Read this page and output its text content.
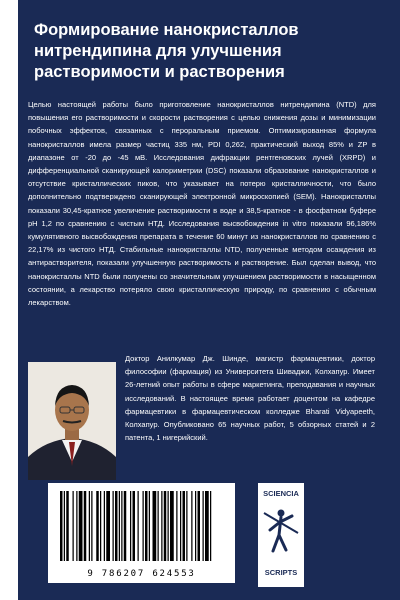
Формирование нанокристаллов нитрендипина для улучшения растворимости и растворения

Целью настоящей работы было приготовление нанокристаллов нитрендипина (NTD) для повышения его растворимости и скорости растворения с целью снижения дозы и минимизации побочных эффектов, связанных с пероральным приемом. Оптимизированная формула нанокристаллов имела размер частиц 335 нм, PDI 0,262, практический выход 85% и ZP в диапазоне от -20 до -45 мВ. Исследования дифракции рентгеновских лучей (XRPD) и дифференциальной сканирующей калориметрии (DSC) показали образование нанокристаллов и отсутствие кристаллических пиков, что указывает на потерю кристалличности, что было дополнительно подтверждено сканирующей электронной микроскопией (SEM). Нанокристаллы показали 30,45-кратное увеличение растворимости в воде и 38,5-кратное - в фосфатном буфере pH 1,2 по сравнению с чистым НТД. Исследования высвобождения in vitro показали 96,186% кумулятивного высвобождения препарата в течение 60 минут из нанокристаллов по сравнению с 22,17% из чистого НТД. Стабильные нанокристаллы NTD, полученные методом осаждения из антирастворителя, показали улучшенную растворимость и растворение. Был сделан вывод, что нанокристаллы NTD были получены со значительным улучшением растворимости в насыщенном состоянии, а лекарство потеряло свою кристаллическую природу, по сравнению с обычным лекарством.

Доктор Анилкумар Дж. Шинде, магистр фармацевтики, доктор философии (фармация) из Университета Шиваджи, Колхапур. Имеет 26-летний опыт работы в сфере маркетинга, преподавания и научных исследований. В настоящее время работает доцентом на кафедре фармацевтики в фармацевтическом колледже Bharati Vidyapeeth, Колхапур. Опубликовано 65 научных работ, 5 обзорных статей и 2 патента, 1 нигерийский.

9 786207 624553
SCIENCIA
SCRIPTS
